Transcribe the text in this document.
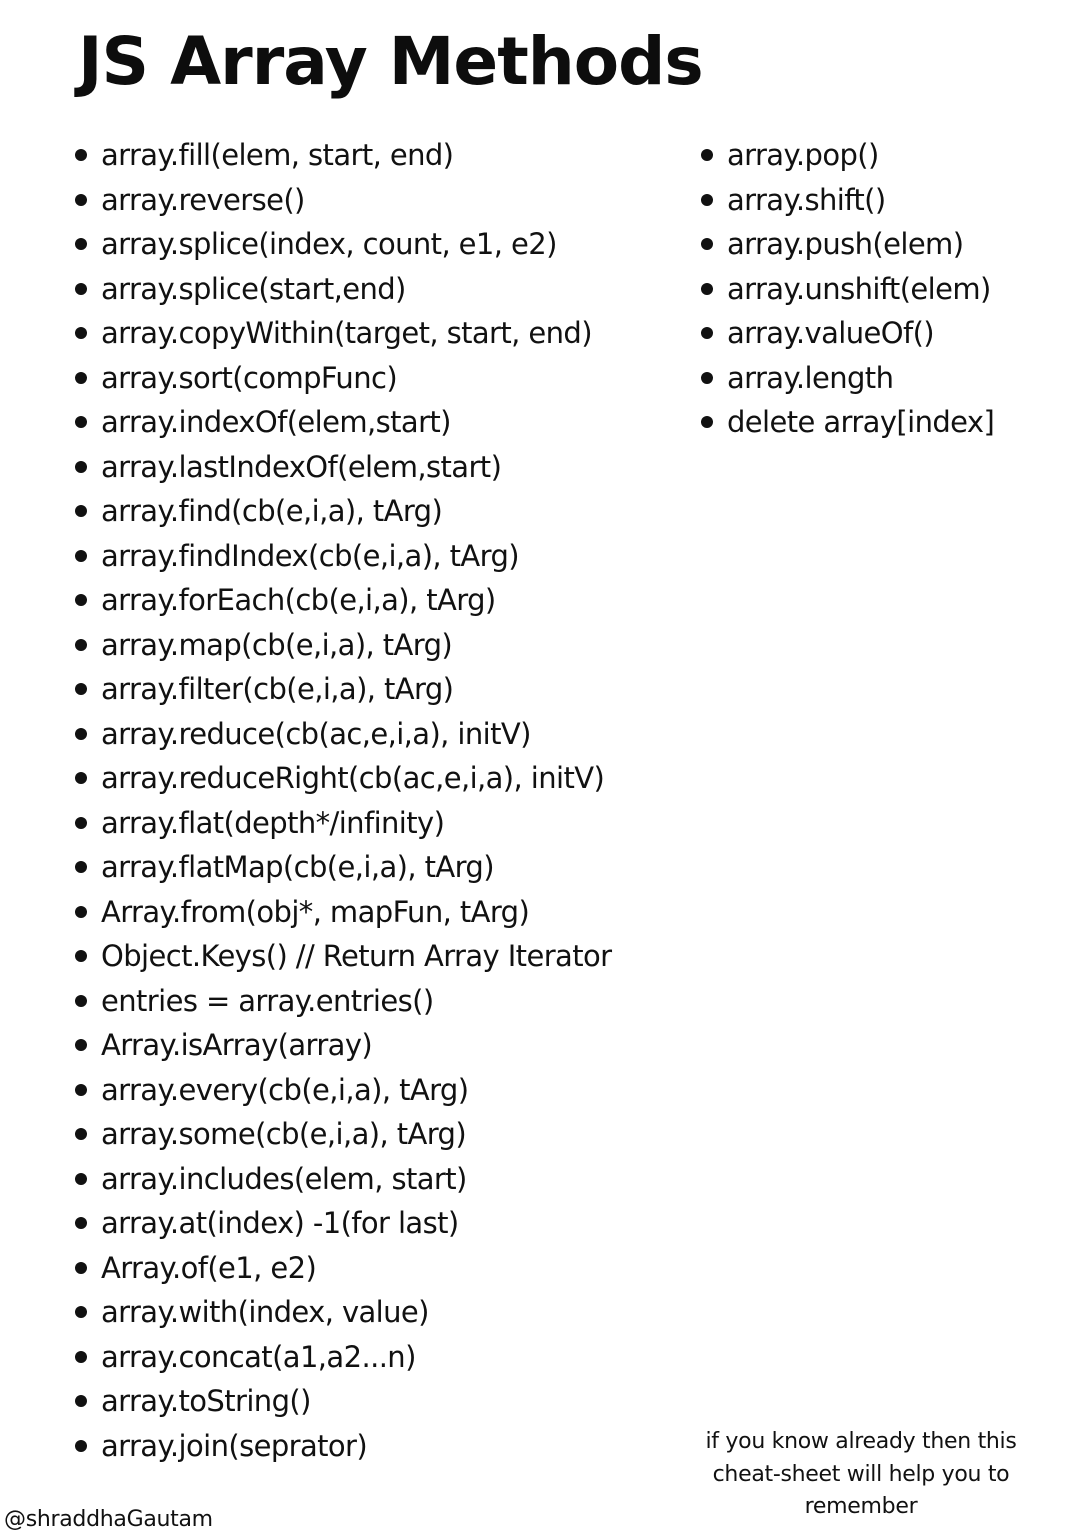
JS Array Methods
array.fill(elem, start, end)
array.reverse()
array.splice(index, count, e1, e2)
array.splice(start,end)
array.copyWithin(target, start, end)
array.sort(compFunc)
array.indexOf(elem,start)
array.lastIndexOf(elem,start)
array.find(cb(e,i,a), tArg)
array.findIndex(cb(e,i,a), tArg)
array.forEach(cb(e,i,a), tArg)
array.map(cb(e,i,a), tArg)
array.filter(cb(e,i,a), tArg)
array.reduce(cb(ac,e,i,a), initV)
array.reduceRight(cb(ac,e,i,a), initV)
array.flat(depth*/infinity)
array.flatMap(cb(e,i,a), tArg)
Array.from(obj*, mapFun, tArg)
Object.Keys() // Return Array Iterator
entries = array.entries()
Array.isArray(array)
array.every(cb(e,i,a), tArg)
array.some(cb(e,i,a), tArg)
array.includes(elem, start)
array.at(index) -1(for last)
Array.of(e1, e2)
array.with(index, value)
array.concat(a1,a2...n)
array.toString()
array.join(seprator)
array.pop()
array.shift()
array.push(elem)
array.unshift(elem)
array.valueOf()
array.length
delete array[index]

if you know already then this cheat-sheet will help you to remember

@shraddhaGautam
